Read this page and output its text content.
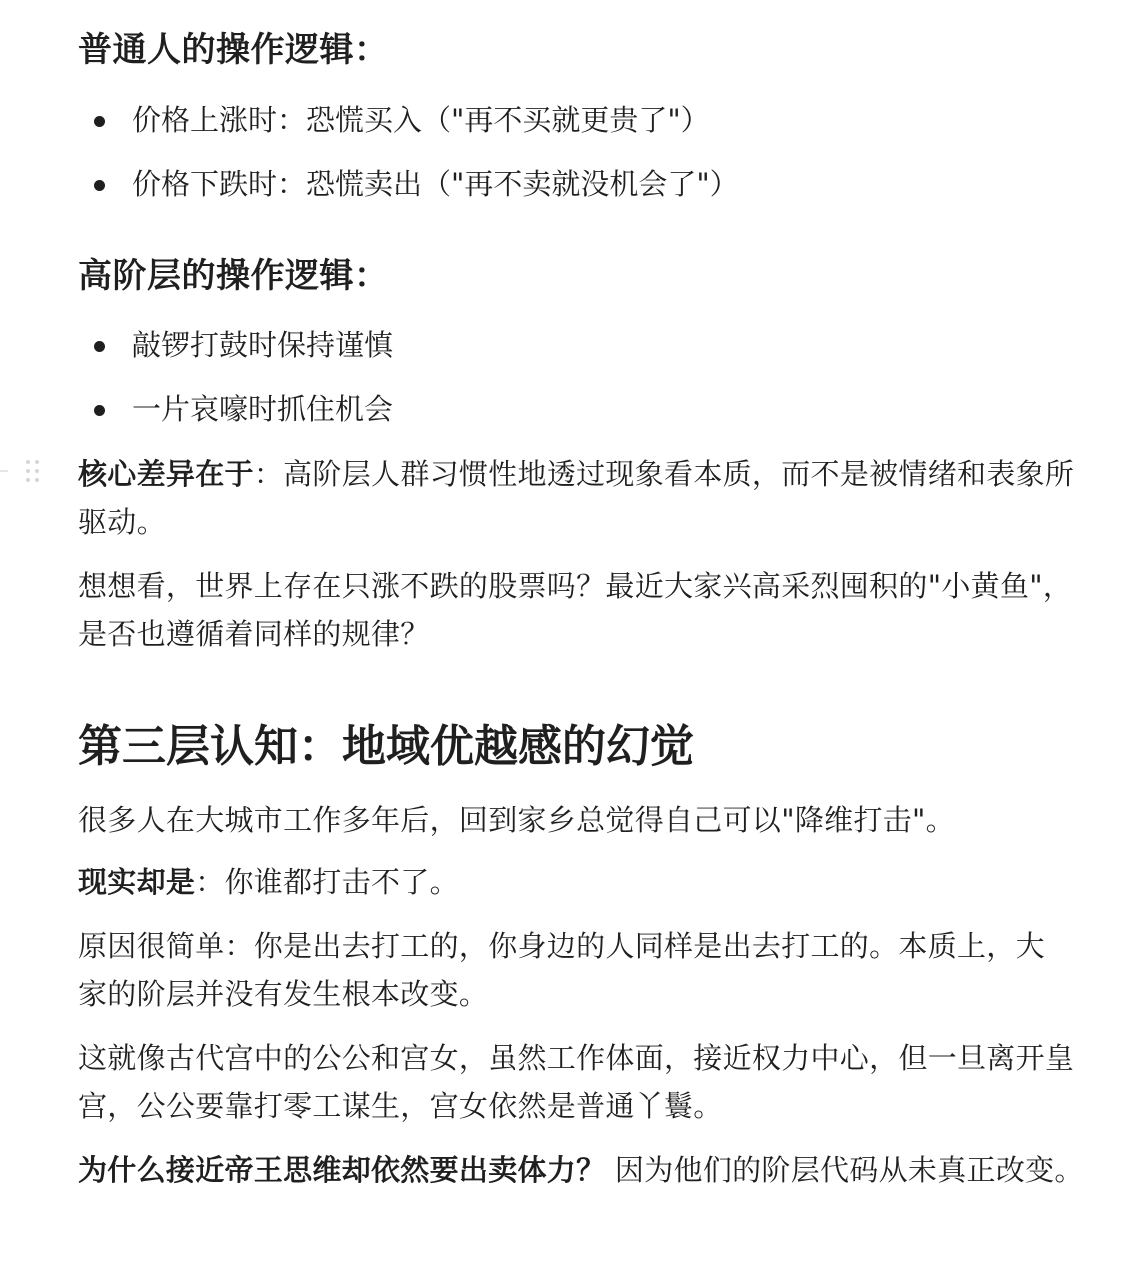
普通人的操作逻辑：
价格上涨时：恐慌买入（"再不买就更贵了"）
价格下跌时：恐慌卖出（"再不卖就没机会了"）
高阶层的操作逻辑：
敲锣打鼓时保持谨慎
一片哀嚎时抓住机会

核心差异在于：高阶层人群习惯性地透过现象看本质，而不是被情绪和表象所驱动。

想想看，世界上存在只涨不跌的股票吗？最近大家兴高采烈囤积的"小黄鱼"，是否也遵循着同样的规律？

第三层认知：地域优越感的幻觉

很多人在大城市工作多年后，回到家乡总觉得自己可以"降维打击"。

现实却是：你谁都打击不了。

原因很简单：你是出去打工的，你身边的人同样是出去打工的。本质上，大家的阶层并没有发生根本改变。

这就像古代宫中的公公和宫女，虽然工作体面，接近权力中心，但一旦离开皇宫，公公要靠打零工谋生，宫女依然是普通丫鬟。

为什么接近帝王思维却依然要出卖体力？ 因为他们的阶层代码从未真正改变。
